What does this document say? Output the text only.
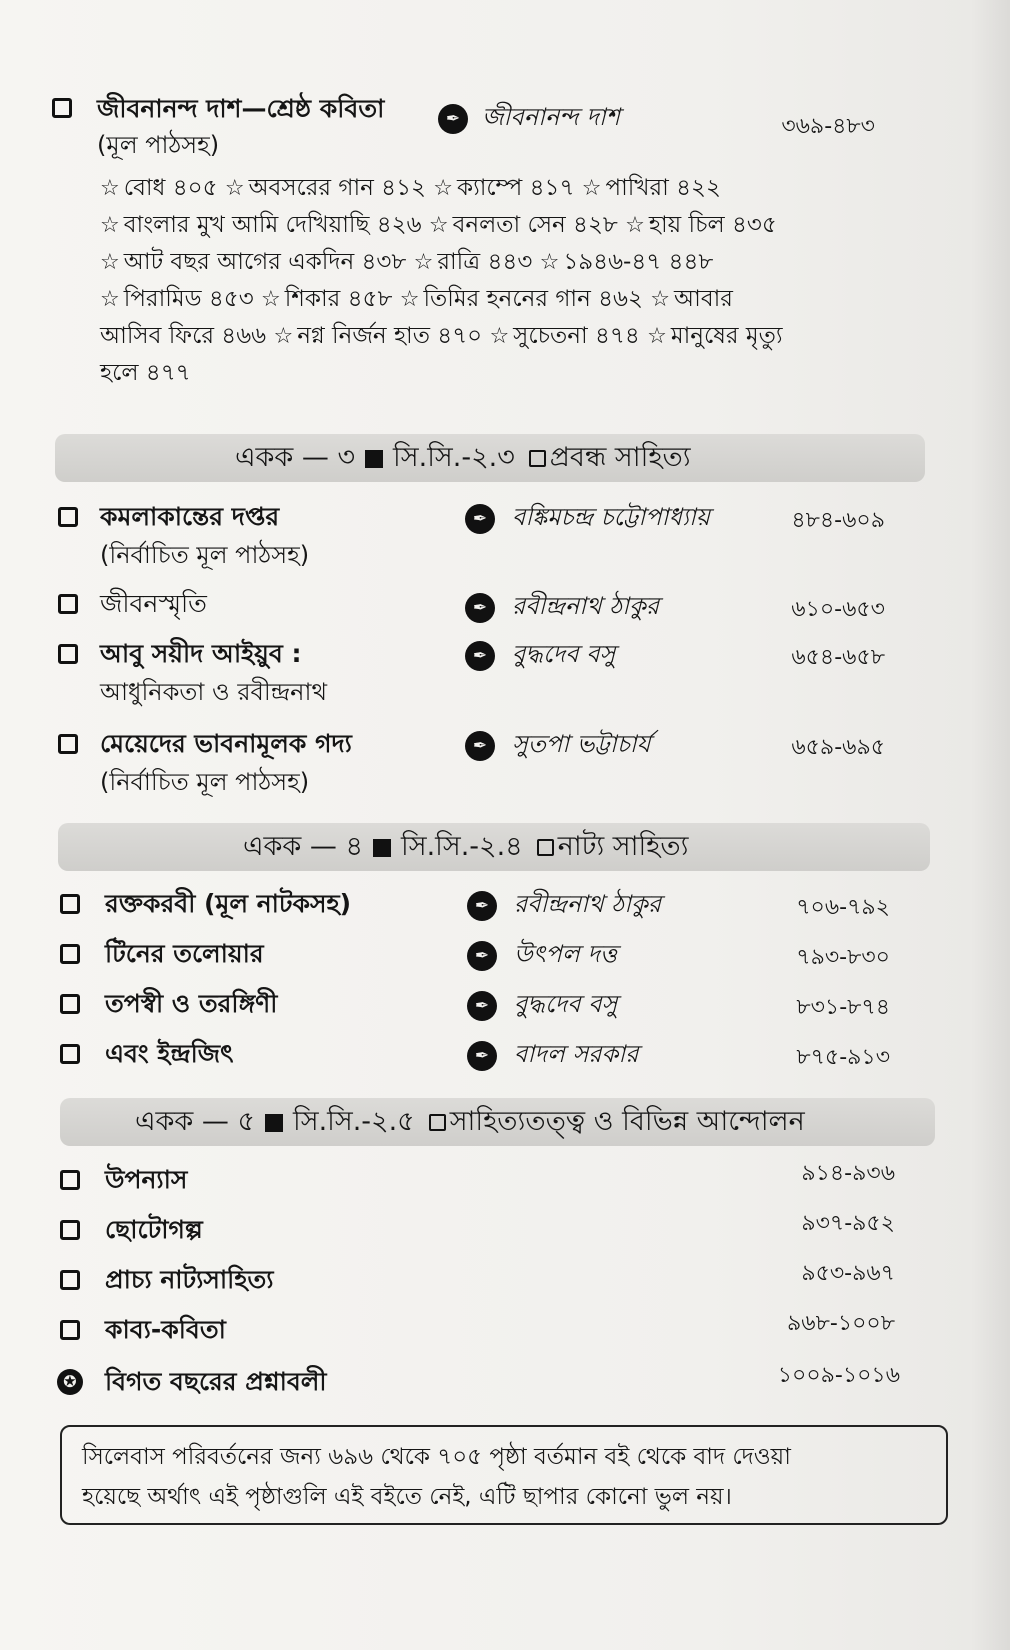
জীবনানন্দ দাশ—শ্রেষ্ঠ কবিতা
(মূল পাঠসহ)
✒ জীবনানন্দ দাশ	৩৬৯-৪৮৩
☆ বোধ ৪০৫ ☆ অবসরের গান ৪১২ ☆ ক্যাম্পে ৪১৭ ☆ পাখিরা ৪২২ ☆ বাংলার মুখ আমি দেখিয়াছি ৪২৬ ☆ বনলতা সেন ৪২৮ ☆ হায় চিল ৪৩৫ ☆ আট বছর আগের একদিন ৪৩৮ ☆ রাত্রি ৪৪৩ ☆ ১৯৪৬-৪৭ ৪৪৮ ☆ পিরামিড ৪৫৩ ☆ শিকার ৪৫৮ ☆ তিমির হননের গান ৪৬২ ☆ আবার আসিব ফিরে ৪৬৬ ☆ নগ্ন নির্জন হাত ৪৭০ ☆ সুচেতনা ৪৭৪ ☆ মানুষের মৃত্যু হলে ৪৭৭
একক — ৩ সি.সি.-২.৩ প্রবন্ধ সাহিত্য
কমলাকান্তের দপ্তর
(নির্বাচিত মূল পাঠসহ)
✒	বঙ্কিমচন্দ্র চট্টোপাধ্যায়	৪৮৪-৬০৯
জীবনস্মৃতি	✒	রবীন্দ্রনাথ ঠাকুর	৬১০-৬৫৩
আবু সয়ীদ আইয়ুব :
আধুনিকতা ও রবীন্দ্রনাথ
✒	বুদ্ধদেব বসু	৬৫৪-৬৫৮
মেয়েদের ভাবনামূলক গদ্য
(নির্বাচিত মূল পাঠসহ)
✒	সুতপা ভট্টাচার্য	৬৫৯-৬৯৫
একক — ৪ সি.সি.-২.৪ নাট্য সাহিত্য
রক্তকরবী (মূল নাটকসহ)	✒	রবীন্দ্রনাথ ঠাকুর	৭০৬-৭৯২
টিনের তলোয়ার	✒	উৎপল দত্ত	৭৯৩-৮৩০
তপস্বী ও তরঙ্গিণী	✒	বুদ্ধদেব বসু	৮৩১-৮৭৪
এবং ইন্দ্রজিৎ	✒	বাদল সরকার	৮৭৫-৯১৩
একক — ৫ সি.সি.-২.৫ সাহিত্যতত্ত্ব ও বিভিন্ন আন্দোলন
উপন্যাস	৯১৪-৯৩৬
ছোটোগল্প	৯৩৭-৯৫২
প্রাচ্য নাট্যসাহিত্য	৯৫৩-৯৬৭
কাব্য-কবিতা	৯৬৮-১০০৮
✪ বিগত বছরের প্রশ্নাবলী	১০০৯-১০১৬
সিলেবাস পরিবর্তনের জন্য ৬৯৬ থেকে ৭০৫ পৃষ্ঠা বর্তমান বই থেকে বাদ দেওয়া
হয়েছে অর্থাৎ এই পৃষ্ঠাগুলি এই বইতে নেই, এটি ছাপার কোনো ভুল নয়।
